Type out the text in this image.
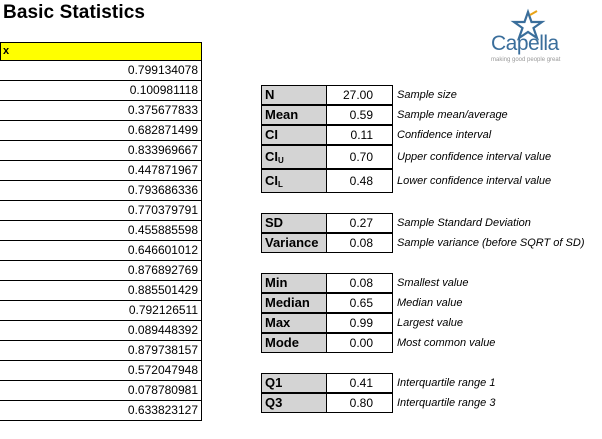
Basic Statistics
Capella
making good people great
x
0.799134078
0.100981118
0.375677833
0.682871499
0.833969667
0.447871967
0.793686336
0.770379791
0.455885598
0.646601012
0.876892769
0.885501429
0.792126511
0.089448392
0.879738157
0.572047948
0.078780981
0.633823127
N	27.00	Sample size
Mean	0.59	Sample mean/average
CI	0.11	Confidence interval
$CI_U$	0.70	Upper confidence interval value
$CI_L$	0.48	Lower confidence interval value
SD	0.27	Sample Standard Deviation
Variance	0.08	Sample variance (before SQRT of SD)
Min	0.08	Smallest value
Median	0.65	Median value
Max	0.99	Largest value
Mode	0.00	Most common value
Q1	0.41	Interquartile range 1
Q3	0.80	Interquartile range 3
